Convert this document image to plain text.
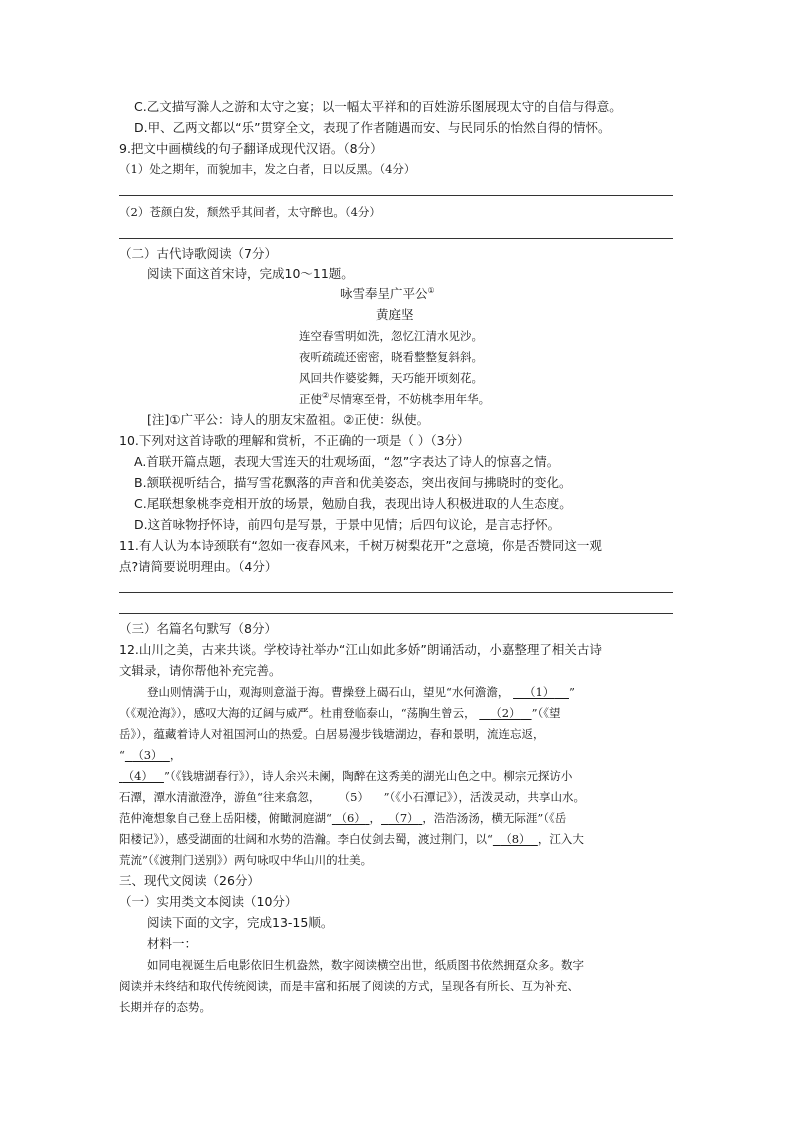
C.乙文描写滁人之游和太守之宴；以一幅太平祥和的百姓游乐图展现太守的自信与得意。
D.甲、乙两文都以“乐”贯穿全文，表现了作者随遇而安、与民同乐的怡然自得的情怀。
9.把文中画横线的句子翻译成现代汉语。（8分）
（1）处之期年，而貌加丰，发之白者，日以反黑。（4分）
（2）苍颜白发，颓然乎其间者，太守醉也。（4分）
（二）古代诗歌阅读（7分）
阅读下面这首宋诗，完成10～11题。
咏雪奉呈广平公①
黄庭坚
连空春雪明如洗，忽忆江清水见沙。
夜听疏疏还密密，晓看整整复斜斜。
风回共作婆娑舞，天巧能开顷刻花。
正使②尽情寒至骨，不妨桃李用年华。
[注]①广平公：诗人的朋友宋盈祖。②正使：纵使。
10.下列对这首诗歌的理解和赏析，不正确的一项是（ ）（3分）
A.首联开篇点题，表现大雪连天的壮观场面，“忽”字表达了诗人的惊喜之情。
B.颔联视听结合，描写雪花飘落的声音和优美姿态，突出夜间与拂晓时的变化。
C.尾联想象桃李竞相开放的场景，勉励自我，表现出诗人积极进取的人生态度。
D.这首咏物抒怀诗，前四句是写景，于景中见情；后四句议论，是言志抒怀。
11.有人认为本诗颈联有“忽如一夜春风来，千树万树梨花开”之意境，你是否赞同这一观
点?请简要说明理由。（4分）
（三）名篇名句默写（8分）
12.山川之美，古来共谈。学校诗社举办“江山如此多娇”朗诵活动，小嘉整理了相关古诗
文辑录，请你帮他补充完善。
登山则情满于山，观海则意溢于海。曹操登上碣石山，望见“水何澹澹， （1） ”
（《观沧海》），感叹大海的辽阔与威严。杜甫登临泰山，“荡胸生曾云， （2） ”（《望
岳》），蕴藏着诗人对祖国河山的热爱。白居易漫步钱塘湖边，春和景明，流连忘返，
“ （3） ，
（4） ”（《钱塘湖春行》），诗人余兴未阑，陶醉在这秀美的湖光山色之中。柳宗元探访小
石潭，潭水清澈澄净，游鱼“往来翕忽， （5） ”（《小石潭记》），活泼灵动，共享山水。
范仲淹想象自己登上岳阳楼，俯瞰洞庭湖“ （6） ， （7） ，浩浩汤汤，横无际涯”（《岳
阳楼记》），感受湖面的壮阔和水势的浩瀚。李白仗剑去蜀，渡过荆门，以“ （8） ，江入大
荒流”（《渡荆门送别》）两句咏叹中华山川的壮美。
三、现代文阅读（26分）
（一）实用类文本阅读（10分）
阅读下面的文字，完成13-15顺。
材料一：
如同电视诞生后电影依旧生机盎然，数字阅读横空出世，纸质图书依然拥趸众多。数字
阅读并未终结和取代传统阅读，而是丰富和拓展了阅读的方式，呈现各有所长、互为补充、
长期并存的态势。
